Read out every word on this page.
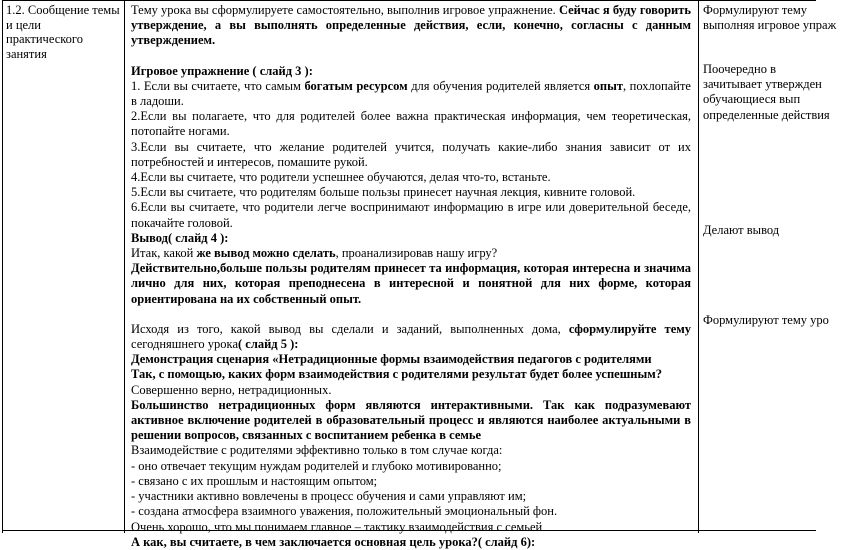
1.2. Сообщение темы и цели практического занятия

Тему урока вы сформулируете самостоятельно, выполнив игровое упражнение. Сейчас я буду говорить утверждение, а вы выполнять определенные действия, если, конечно, согласны с данным утверждением.

Игровое упражнение ( слайд 3 ):

1. Если вы считаете, что самым богатым ресурсом для обучения родителей является опыт, похлопайте в ладоши.

2.Если вы полагаете, что для родителей более важна практическая информация, чем теоретическая, потопайте ногами.

3.Если вы считаете, что желание родителей учится, получать какие-либо знания зависит от их потребностей и интересов, помашите рукой.

4.Если вы считаете, что родители успешнее обучаются, делая что-то, встаньте.

5.Если вы считаете, что родителям больше пользы принесет научная лекция, кивните головой.

6.Если вы считаете, что родители легче воспринимают информацию в игре или доверительной беседе, покачайте головой.

Вывод( слайд 4 ):

Итак, какой же вывод можно сделать, проанализировав нашу игру?

Действительно,больше пользы родителям принесет та информация, которая интересна и значима лично для них, которая преподнесена в интересной и понятной для них форме, которая ориентирована на их собственный опыт.

Исходя из того, какой вывод вы сделали и заданий, выполненных дома, сформулируйте тему сегодняшнего урока( слайд 5 ):

Демонстрация сценария «Нетрадиционные формы взаимодействия педагогов с родителями

Так, с помощью, каких форм взаимодействия с родителями результат будет более успешным?

Совершенно верно, нетрадиционных.

Большинство нетрадиционных форм являются интерактивными. Так как подразумевают активное включение родителей в образовательный процесс и являются наиболее актуальными в решении вопросов, связанных с воспитанием ребенка в семье

Взаимодействие с родителями эффективно только в том случае когда:

- оно отвечает текущим нуждам родителей и глубоко мотивированно;

- связано с их прошлым и настоящим опытом;

- участники активно вовлечены в процесс обучения и сами управляют им;

- создана атмосфера взаимного уважения, положительный эмоциональный фон.

Очень хорошо, что мы понимаем главное – тактику взаимодействия с семьей

А как, вы считаете, в чем заключается основная цель урока?( слайд 6):

Формулируют тему
выполняя игровое упраж
Поочередно в
зачитывает утвержден
обучающиеся вып
определенные действия
Делают вывод
Формулируют тему уро
